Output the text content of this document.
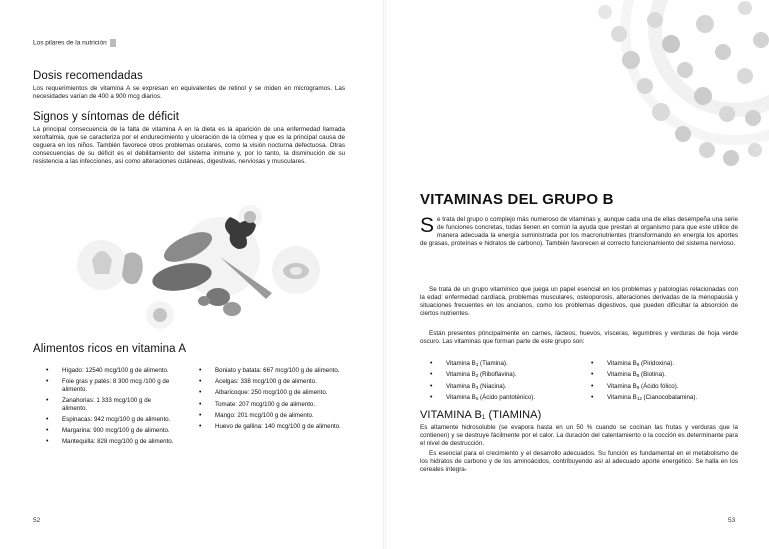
Los pilares de la nutrición
Dosis recomendadas

Los requerimientos de vitamina A se expresan en equivalentes de retinol y se miden en microgramos. Las necesidades varían de 400 a 900 mcg diarios.

Signos y síntomas de déficit

La principal consecuencia de la falta de vitamina A en la dieta es la aparición de una enfermedad llamada xeroftalmia, que se caracteriza por el endurecimiento y ulceración de la córnea y que es la principal causa de ceguera en los niños. También favorece otros problemas oculares, como la visión nocturna defectuosa. Otras consecuencias de su déficit es el debilitamiento del sistema inmune y, por lo tanto, la disminución de su resistencia a las infecciones, así como alteraciones cutáneas, digestivas, nerviosas y musculares.

Alimentos ricos en vitamina A
• Hígado: 12540 mcg/100 g de alimento.
• Foie gras y patés: 8 300 mcg /100 g de alimento.
• Zanahorias: 1 333 mcg/100 g de alimento.
• Espinacas: 942 mcg/100 g de alimento.
• Margarina: 900 mcg/100 g de alimento.
• Mantequilla: 828 mcg/100 g de alimento.
• Boniato y batata: 667 mcg/100 g de alimento.
• Acelgas: 338 mcg/100 g de alimento.
• Albaricoque: 250 mcg/100 g de alimento.
• Tomate: 207 mcg/100 g de alimento.
• Mango: 201 mcg/100 g de alimento.
• Huevo de gallina: 140 mcg/100 g de alimento.
52
VITAMINAS DEL GRUPO B

Se trata del grupo o complejo más numeroso de vitaminas y, aunque cada una de ellas desempeña una serie de funciones concretas, todas tienen en común la ayuda que prestan al organismo para que este utilice de manera adecuada la energía suministrada por los macronutrientes (transformando en energía los aportes de grasas, proteínas e hidratos de carbono). También favorecen el correcto funcionamiento del sistema nervioso.

Se trata de un grupo vitamínico que juega un papel esencial en los problemas y patologías relacionadas con la edad: enfermedad cardíaca, problemas musculares, osteoporosis, alteraciones derivadas de la menopausia y situaciones frecuentes en los ancianos, como los problemas digestivos, que pueden dificultar la absorción de ciertos nutrientes.

Están presentes principalmente en carnes, lácteos, huevos, vísceras, legumbres y verduras de hoja verde oscuro. Las vitaminas que forman parte de este grupo son:

• Vitamina $B_1$ (Tiamina).
• Vitamina $B_2$ (Riboflavina).
• Vitamina $B_3$ (Niacina).
• Vitamina $B_5$ (Ácido pantoténico).
• Vitamina $B_6$ (Piridoxina).
• Vitamina $B_8$ (Biotina).
• Vitamina $B_9$ (Ácido fólico).
• Vitamina $B_{12}$ (Cianocobalamina).
VITAMINA $B_1$ (TIAMINA)

Es altamente hidrosoluble (se evapora hasta en un 50 % cuando se cocinan las frutas y verduras que la contienen) y se destruye fácilmente por el calor. La duración del calentamiento o la cocción es determinante para el nivel de destrucción.

Es esencial para el crecimiento y el desarrollo adecuados. Su función es fundamental en el metabolismo de los hidratos de carbono y de los aminoácidos, contribuyendo así al adecuado aporte energético. Se halla en los cereales integra-

53
